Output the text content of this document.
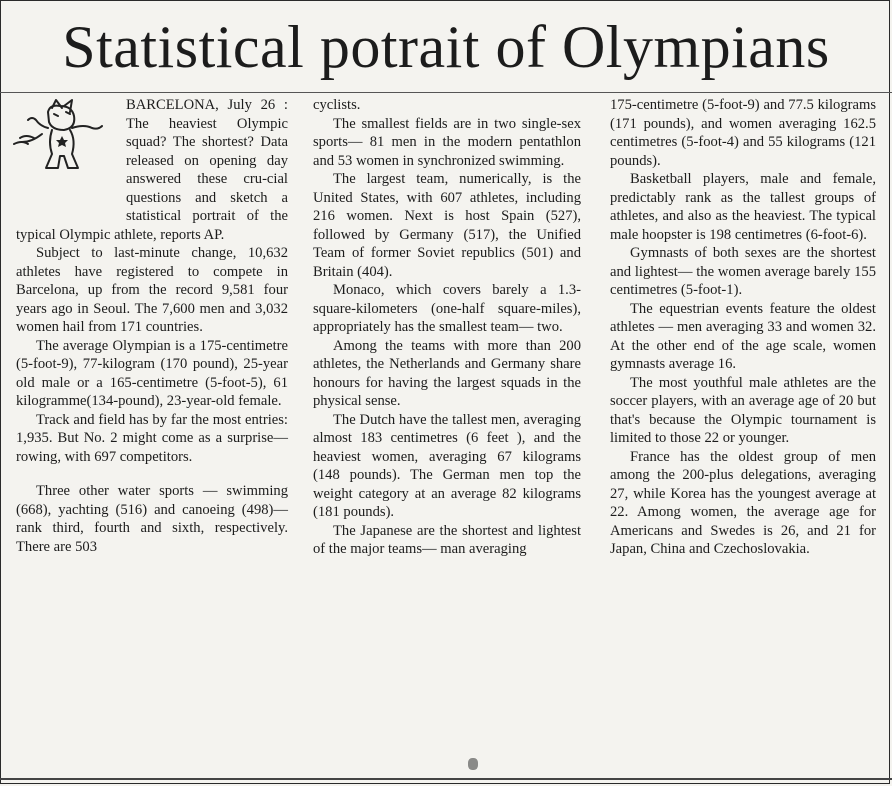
Statistical potrait of Olympians

BARCELONA, July 26 : The heaviest Olympic squad? The shortest? Data released on opening day answered these cru-cial questions and sketch a statistical portrait of the typical Olympic athlete, reports AP.

Subject to last-minute change, 10,632 athletes have registered to compete in Barcelona, up from the record 9,581 four years ago in Seoul. The 7,600 men and 3,032 women hail from 171 countries.

The average Olympian is a 175-centimetre (5-foot-9), 77-kilogram (170 pound), 25-year old male or a 165-centimetre (5-foot-5), 61 kilogramme(134-pound), 23-year-old female.

Track and field has by far the most entries: 1,935. But No. 2 might come as a surprise— rowing, with 697 competitors.

Three other water sports — swimming (668), yachting (516) and canoeing (498)— rank third, fourth and sixth, respectively. There are 503

cyclists.

The smallest fields are in two single-sex sports— 81 men in the modern pentathlon and 53 women in synchronized swimming.

The largest team, numerically, is the United States, with 607 athletes, including 216 women. Next is host Spain (527), followed by Germany (517), the Unified Team of former Soviet republics (501) and Britain (404).

Monaco, which covers barely a 1.3-square-kilometers (one-half square-miles), appropriately has the smallest team— two.

Among the teams with more than 200 athletes, the Netherlands and Germany share honours for having the largest squads in the physical sense.

The Dutch have the tallest men, averaging almost 183 centimetres (6 feet ), and the heaviest women, averaging 67 kilograms (148 pounds). The German men top the weight category at an average 82 kilograms (181 pounds).

The Japanese are the shortest and lightest of the major teams— man averaging

175-centimetre (5-foot-9) and 77.5 kilograms (171 pounds), and women averaging 162.5 centimetres (5-foot-4) and 55 kilograms (121 pounds).

Basketball players, male and female, predictably rank as the tallest groups of athletes, and also as the heaviest. The typical male hoopster is 198 centimetres (6-foot-6).

Gymnasts of both sexes are the shortest and lightest— the women average barely 155 centimetres (5-foot-1).

The equestrian events feature the oldest athletes — men averaging 33 and women 32. At the other end of the age scale, women gymnasts average 16.

The most youthful male athletes are the soccer players, with an average age of 20 but that's because the Olympic tournament is limited to those 22 or younger.

France has the oldest group of men among the 200-plus delegations, averaging 27, while Korea has the youngest average at 22. Among women, the average age for Americans and Swedes is 26, and 21 for Japan, China and Czechoslovakia.
